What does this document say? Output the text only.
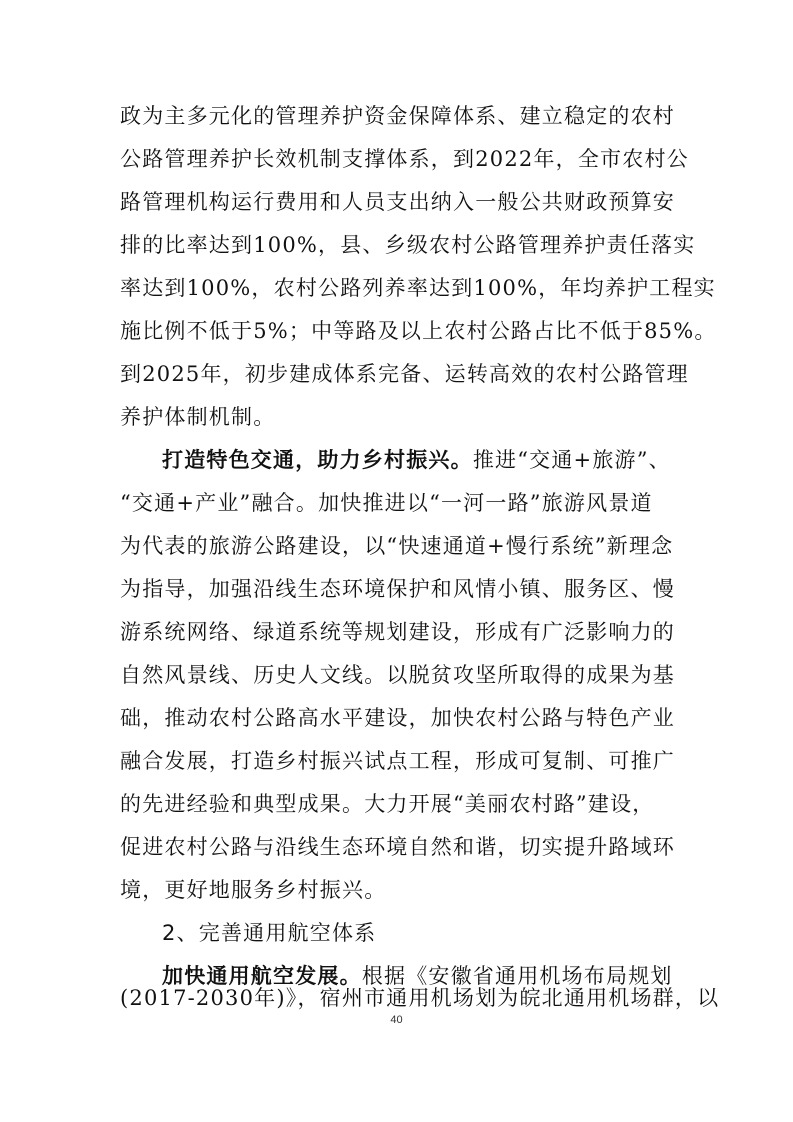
政为主多元化的管理养护资金保障体系、建立稳定的农村
公路管理养护长效机制支撑体系，到2022年，全市农村公
路管理机构运行费用和人员支出纳入一般公共财政预算安
排的比率达到100%，县、乡级农村公路管理养护责任落实
率达到100%，农村公路列养率达到100%，年均养护工程实
施比例不低于5%；中等路及以上农村公路占比不低于85%。
到2025年，初步建成体系完备、运转高效的农村公路管理
养护体制机制。
打造特色交通，助力乡村振兴。推进“交通+旅游”、
“交通+产业”融合。加快推进以“一河一路”旅游风景道
为代表的旅游公路建设，以“快速通道+慢行系统”新理念
为指导，加强沿线生态环境保护和风情小镇、服务区、慢
游系统网络、绿道系统等规划建设，形成有广泛影响力的
自然风景线、历史人文线。以脱贫攻坚所取得的成果为基
础，推动农村公路高水平建设，加快农村公路与特色产业
融合发展，打造乡村振兴试点工程，形成可复制、可推广
的先进经验和典型成果。大力开展“美丽农村路”建设，
促进农村公路与沿线生态环境自然和谐，切实提升路域环
境，更好地服务乡村振兴。
2、完善通用航空体系
加快通用航空发展。根据《安徽省通用机场布局规划
40
(2017-2030年)》，宿州市通用机场划为皖北通用机场群，以
